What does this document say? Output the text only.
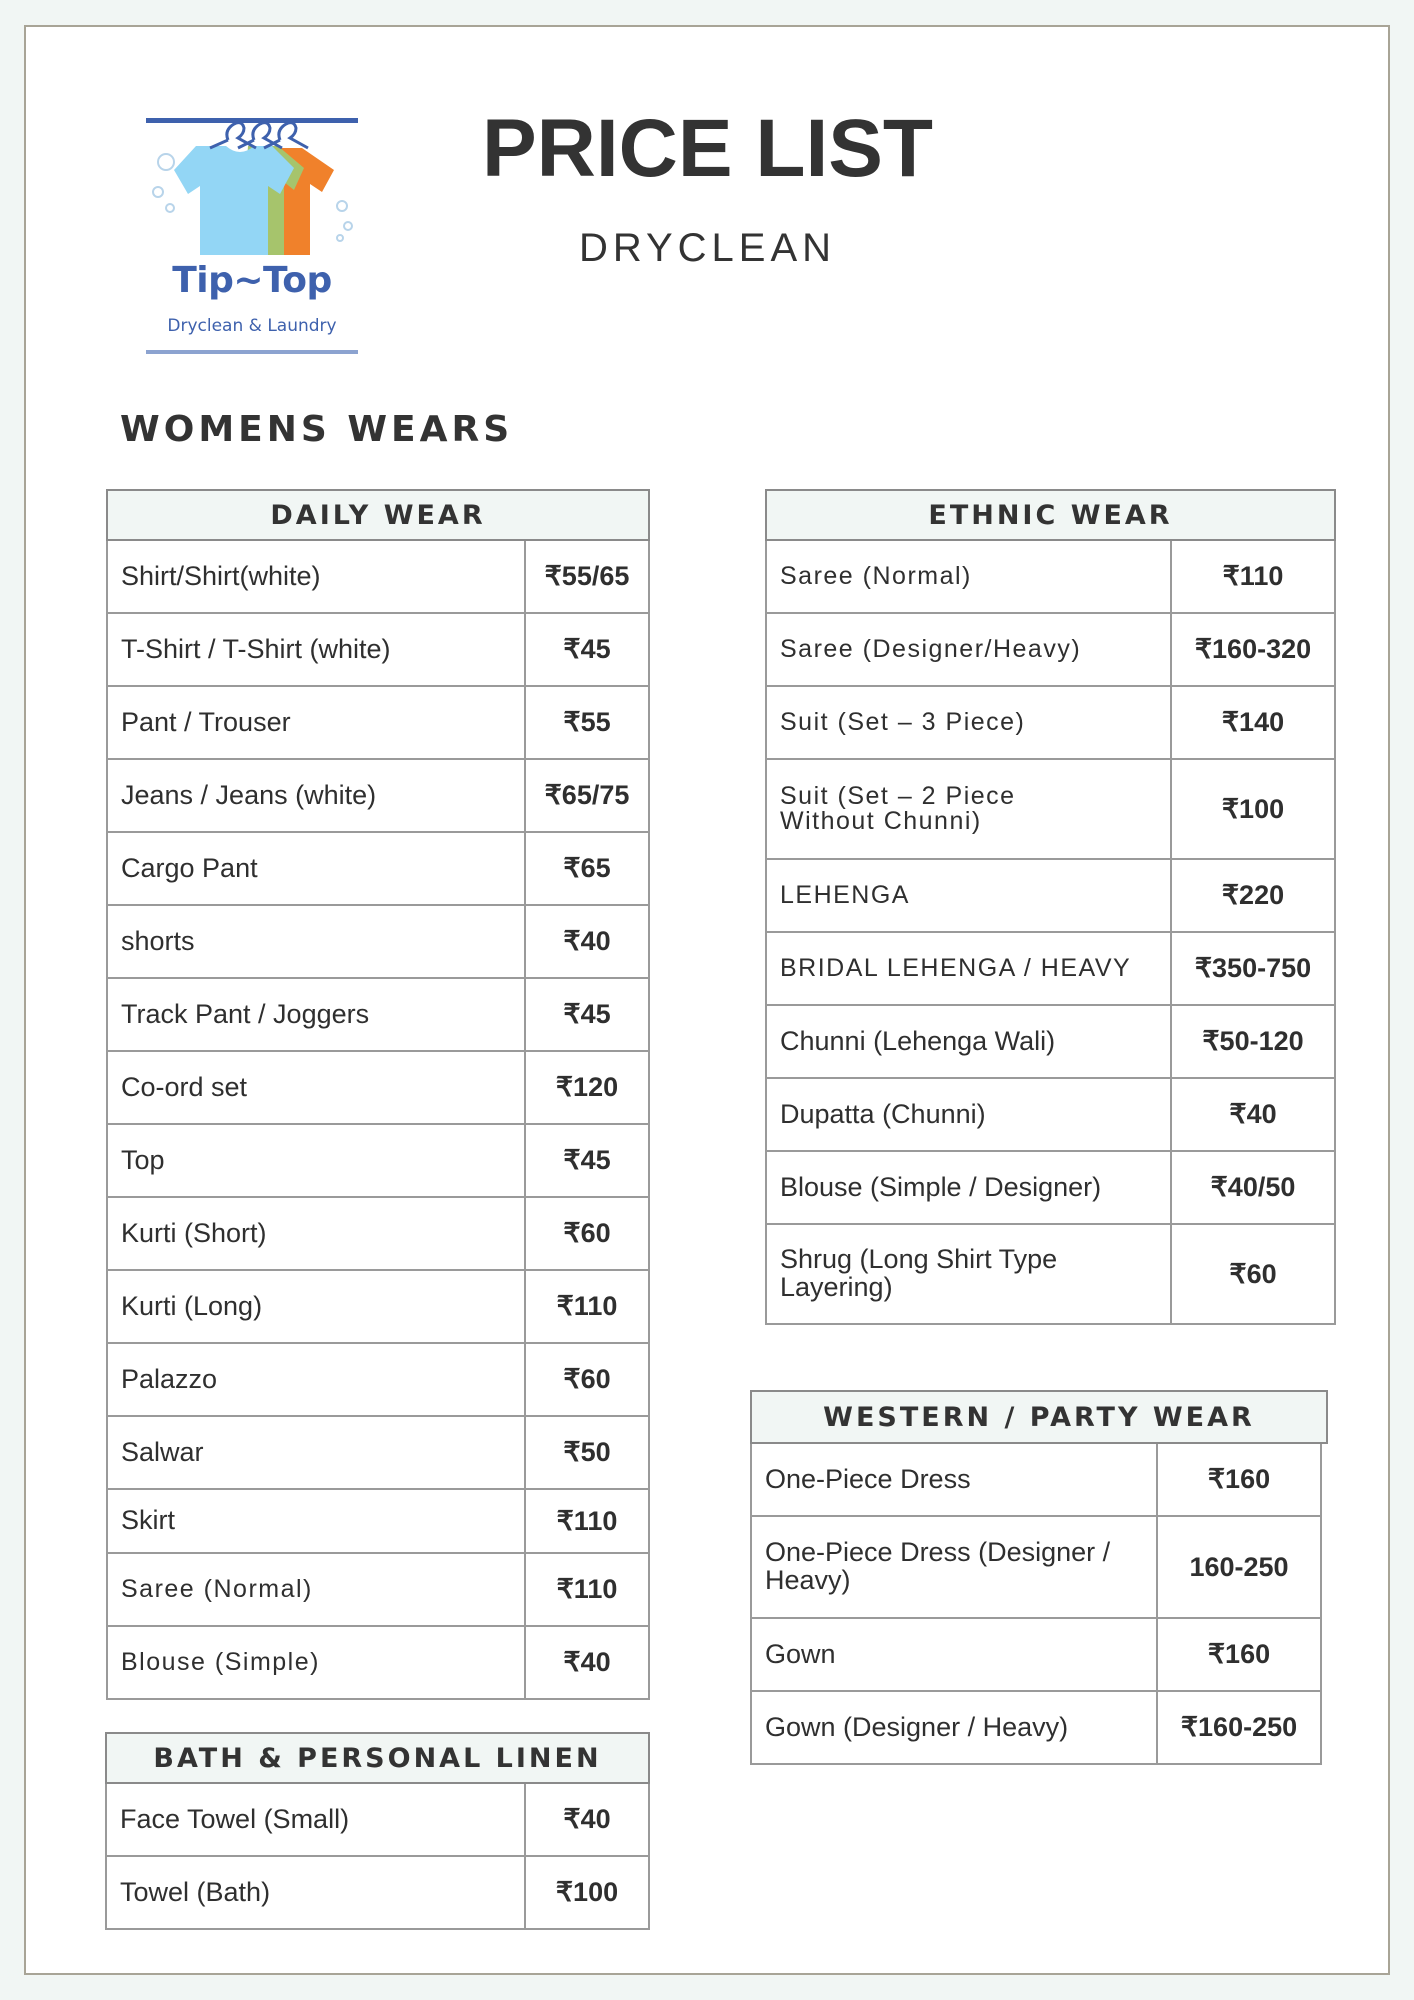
Tip~Top
Dryclean & Laundry
PRICE LIST
DRYCLEAN
WOMENS WEARS
DAILY WEAR
Shirt/Shirt(white)	₹55/65
T-Shirt / T-Shirt (white)	₹45
Pant / Trouser	₹55
Jeans / Jeans (white)	₹65/75
Cargo Pant	₹65
shorts	₹40
Track Pant / Joggers	₹45
Co-ord set	₹120
Top	₹45
Kurti (Short)	₹60
Kurti (Long)	₹110
Palazzo	₹60
Salwar	₹50
Skirt	₹110
Saree (Normal)	₹110
Blouse (Simple)	₹40
BATH & PERSONAL LINEN
Face Towel (Small)	₹40
Towel (Bath)	₹100
ETHNIC WEAR
Saree (Normal)	₹110
Saree (Designer/Heavy)	₹160-320
Suit (Set – 3 Piece)	₹140
Suit (Set – 2 Piece Without Chunni)	₹100
LEHENGA	₹220
BRIDAL LEHENGA / HEAVY	₹350-750
Chunni (Lehenga Wali)	₹50-120
Dupatta (Chunni)	₹40
Blouse (Simple / Designer)	₹40/50
Shrug (Long Shirt Type Layering)	₹60
WESTERN / PARTY WEAR
One-Piece Dress	₹160
One-Piece Dress (Designer / Heavy)	160-250
Gown	₹160
Gown (Designer / Heavy)	₹160-250
